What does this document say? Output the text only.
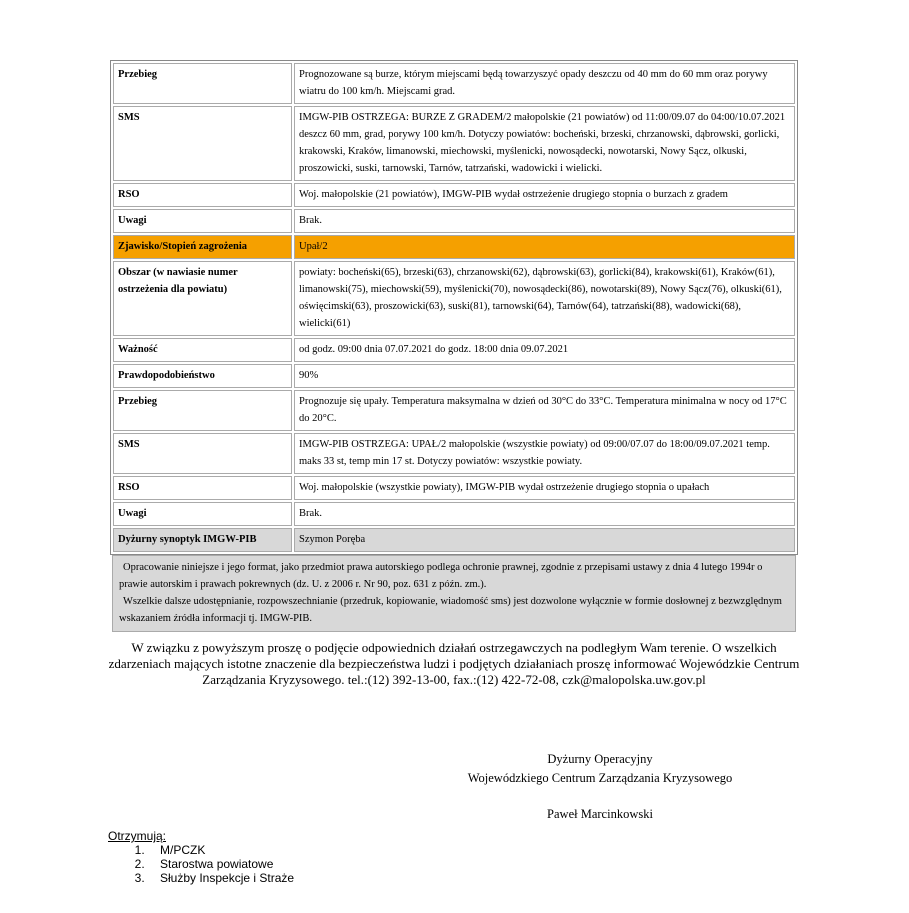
Przebieg	Prognozowane są burze, którym miejscami będą towarzyszyć opady deszczu od 40 mm do 60 mm oraz porywy wiatru do 100 km/h. Miejscami grad.
SMS	IMGW-PIB OSTRZEGA: BURZE Z GRADEM/2 małopolskie (21 powiatów) od 11:00/09.07 do 04:00/10.07.2021 deszcz 60 mm, grad, porywy 100 km/h. Dotyczy powiatów: bocheński, brzeski, chrzanowski, dąbrowski, gorlicki, krakowski, Kraków, limanowski, miechowski, myślenicki, nowosądecki, nowotarski, Nowy Sącz, olkuski, proszowicki, suski, tarnowski, Tarnów, tatrzański, wadowicki i wielicki.
RSO	Woj. małopolskie (21 powiatów), IMGW-PIB wydał ostrzeżenie drugiego stopnia o burzach z gradem
Uwagi	Brak.
Zjawisko/Stopień zagrożenia	Upał/2
Obszar (w nawiasie numer ostrzeżenia dla powiatu)	powiaty: bocheński(65), brzeski(63), chrzanowski(62), dąbrowski(63), gorlicki(84), krakowski(61), Kraków(61), limanowski(75), miechowski(59), myślenicki(70), nowosądecki(86), nowotarski(89), Nowy Sącz(76), olkuski(61), oświęcimski(63), proszowicki(63), suski(81), tarnowski(64), Tarnów(64), tatrzański(88), wadowicki(68), wielicki(61)
Ważność	od godz. 09:00 dnia 07.07.2021 do godz. 18:00 dnia 09.07.2021
Prawdopodobieństwo	90%
Przebieg	Prognozuje się upały. Temperatura maksymalna w dzień od 30°C do 33°C. Temperatura minimalna w nocy od 17°C do 20°C.
SMS	IMGW-PIB OSTRZEGA: UPAŁ/2 małopolskie (wszystkie powiaty) od 09:00/07.07 do 18:00/09.07.2021 temp. maks 33 st, temp min 17 st. Dotyczy powiatów: wszystkie powiaty.
RSO	Woj. małopolskie (wszystkie powiaty), IMGW-PIB wydał ostrzeżenie drugiego stopnia o upałach
Uwagi	Brak.
Dyżurny synoptyk IMGW-PIB	Szymon Poręba

Opracowanie niniejsze i jego format, jako przedmiot prawa autorskiego podlega ochronie prawnej, zgodnie z przepisami ustawy z dnia 4 lutego 1994r o prawie autorskim i prawach pokrewnych (dz. U. z 2006 r. Nr 90, poz. 631 z późn. zm.).

Wszelkie dalsze udostępnianie, rozpowszechnianie (przedruk, kopiowanie, wiadomość sms) jest dozwolone wyłącznie w formie dosłownej z bezwzględnym wskazaniem źródła informacji tj. IMGW-PIB.

W związku z powyższym proszę o podjęcie odpowiednich działań ostrzegawczych na podległym Wam terenie. O wszelkich zdarzeniach mających istotne znaczenie dla bezpieczeństwa ludzi i podjętych działaniach proszę informować Wojewódzkie Centrum Zarządzania Kryzysowego. tel.:(12) 392-13-00, fax.:(12) 422-72-08, czk@malopolska.uw.gov.pl
Dyżurny Operacyjny
Wojewódzkiego Centrum Zarządzania Kryzysowego
Paweł Marcinkowski
Otrzymują:
1. M/PCZK
2. Starostwa powiatowe
3. Służby Inspekcje i Straże
